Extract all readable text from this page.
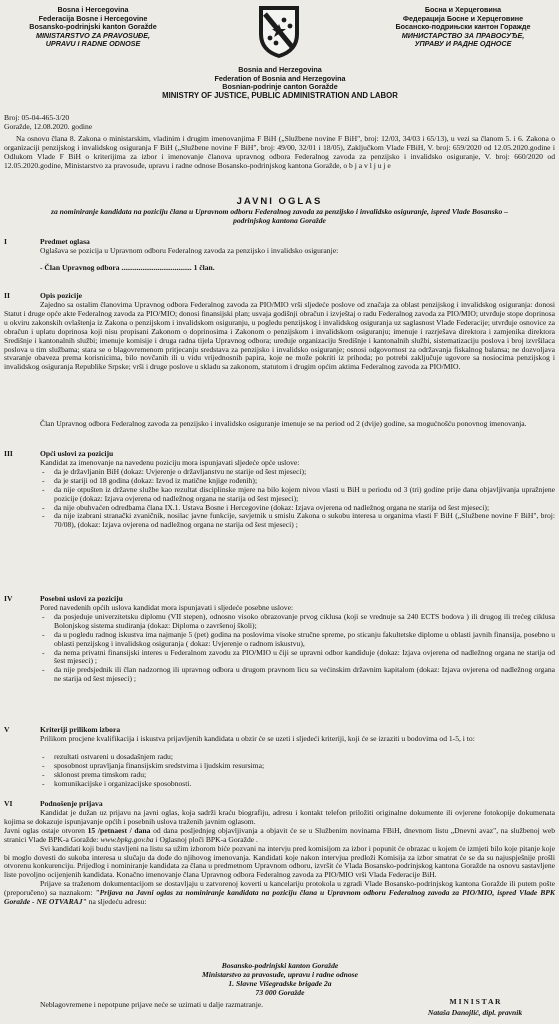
Bosna i Hercegovina
Federacija Bosne i Hercegovine
Bosansko-podrinjski kanton Goražde
MINISTARSTVO ZA PRAVOSUĐE,
UPRAVU I RADNE ODNOSE
Босна и Херцеговина
Федерација Босне и Херцеговине
Босанско-подрињски кантон Горажде
МИНИСТАРСТВО ЗА ПРАВОСУЂЕ,
УПРАВУ И РАДНЕ ОДНОСЕ
Bosnia and Herzegovina
Federation of Bosnia and Herzegovina
Bosnian-podrinje canton Goražde
MINISTRY OF JUSTICE, PUBLIC ADMINISTRATION AND LABOR
Broj: 05-04-465-3/20
Goražde, 12.08.2020. godine
Na osnovu člana 8. Zakona o ministarskim, vladinim i drugim imenovanjima F BiH („Službene novine F BiH", broj: 12/03, 34/03 i 65/13), u vezi sa članom 5. i 6. Zakona o organizaciji penzijskog i invalidskog osiguranja F BiH („Službene novine F BiH", broj: 49/00, 32/01 i 18/05), Zaključkom Vlade FBiH, V. broj: 659/2020 od 12.05.2020.godine i Odlukom Vlade F BiH o kriterijima za izbor i imenovanje članova upravnog odbora Federalnog zavoda za penzijsko i invalidsko osiguranje, V. broj: 660/2020 od 12.05.2020.godine, Ministarstvo za pravosuđe, upravu i radne odnose Bosansko-podrinjskog kantona Goražde, o b j a v l j u j e
JAVNI OGLAS
za nominiranje kandidata na poziciju člana u Upravnom odboru Federalnog zavoda za penzijsko i invalidsko osiguranje, ispred Vlade Bosansko – podrinjskog kantona Goražde
I	Predmet oglasa
Oglašava se pozicija u Upravnom odboru Federalnog zavoda za penzijsko i invalidsko osiguranje:
- Član Upravnog odbora ..................................... 1 član.
II	Opis pozicije
Zajedno sa ostalim članovima Upravnog odbora Federalnog zavoda za PIO/MIO vrši sljedeće poslove od značaja za oblast penzijskog i invalidskog osiguranja: donosi Statut i druge opće akte Federalnog zavoda za PIO/MIO; donosi finansijski plan; usvaja godišnji obračun i izvještaj o radu Federalnog zavoda za PIO/MIO; utvrđuje stope doprinosa u okviru zakonskih ovlaštenja iz Zakona o penzijskom i invalidskom osiguranju, u pogledu penzijskog i invalidskog osiguranja uz saglasnost Vlade Federacije; utvrđuje osnovice za obračun i uplatu doprinosa koji nisu propisani Zakonom o doprinosima i Zakonom o penzijskom i invalidskom osiguranju; imenuje i razrješava direktora i zamjenika direktora Središnje i kantonalnih službi; imenuje komisije i druga radna tijela Upravnog odbora; uređuje organizaciju Središnje i kantonalnih službi, sistematizaciju poslova i broj izvršilaca poslova u tim službama; stara se o blagovremenom pritjecanju sredstava za penzijsko i invalidsko osiguranje; osnosi odgovornost za održavanja fiskalnog balansa; ne dozvoljava stvaranje obaveza prema korisnicima, bilo novčanih ili u vidu vrijednosnih papira, koje ne može pokriti iz prihoda; po potrebi zaključuje ugovore sa nosiocima penzijskog i invalidskog osiguranja Republike Srpske; vrši i druge poslove u skladu sa zakonom, statutom i drugim općim aktima Federalnog zavoda za PIO/MIO.
Član Upravnog odbora Federalnog zavoda za penzijsko i invalidsko osiguranje imenuje se na period od 2 (dvije) godine, sa mogućnošću ponovnog imenovanja.
III	Opći uslovi za poziciju
Kandidat za imenovanje na navedenu poziciju mora ispunjavati sljedeće opće uslove:
- da je državljanin BiH (dokaz: Uvjerenje o državljanstvu ne starije od šest mjeseci);
- da je stariji od 18 godina (dokaz: Izvod iz matične knjige rođenih);
- da nije otpušten iz državne službe kao rezultat disciplinske mjere na bilo kojem nivou vlasti u BiH u periodu od 3 (tri) godine prije dana objavljivanja upražnjene pozicije (dokaz: Izjava ovjerena od nadležnog organa ne starija od šest mjeseci);
- da nije obuhvaćen odredbama člana IX.1. Ustava Bosne i Hercegovine (dokaz: Izjava ovjerena od nadležnog organa ne starija od šest mjeseci);
- da nije izabrani stranački zvaničnik, nosilac javne funkcije, savjetnik u smislu Zakona o sukobu interesa u organima vlasti F BiH („Službene novine F BiH", broj: 70/08), (dokaz: Izjava ovjerena od nadležnog organa ne starija od šest mjeseci) ;
IV	Posebni uslovi za poziciju
Pored navedenih općih uslova kandidat mora ispunjavati i sljedeće posebne uslove:
- da posjeduje univerzitetsku diplomu (VII stepen), odnosno visoko obrazovanje prvog ciklusa (koji se vrednuje sa 240 ECTS bodova ) ili drugog ili trećeg ciklusa Bolonjskog sistema studiranja (dokaz: Diploma o završenoj školi);
- da u pogledu radnog iskustva ima najmanje 5 (pet) godina na poslovima visoke stručne spreme, po sticanju fakultetske diplome u oblasti javnih finansija, posebno u oblasti penzijskog i invalidskog osiguranja ( dokaz: Uvjerenje o radnom iskustvu),
- da nema privatni finansijski interes u Federalnom zavodu za PIO/MIO u čiji se upravni odbor kandiduje (dokaz: Izjava ovjerena od nadležnog organa ne starija od šest mjeseci) ;
- da nije predsjednik ili član nadzornog ili upravnog odbora u drugom pravnom licu sa većinskim državnim kapitalom (dokaz: Izjava ovjerena od nadležnog organa ne starija od šest mjeseci) ;
V	Kriteriji prilikom izbora
Prilikom procjene kvalifikacija i iskustva prijavljenih kandidata u obzir će se uzeti i sljedeći kriteriji, koji će se izraziti u bodovima od 1-5, i to:
- rezultati ostvareni u dosadašnjem radu;
- sposobnost upravljanja finansijskim sredstvima i ljudskim resursima;
- sklonost prema timskom radu;
- komunikacijske i organizacijske sposobnosti.
VI	Podnošenje prijava

Kandidat je dužan uz prijavu na javni oglas, koja sadrži kraću biografiju, adresu i kontakt telefon priložiti originalne dokumente ili ovjerene fotokopije dokumenata kojima se dokazuje ispunjavanje općih i posebnih uslova traženih javnim oglasom.

Javni oglas ostaje otvoren 15 /petnaest / dana od dana posljednjeg objavljivanja a objavit će se u Službenim novinama FBiH, dnevnom listu „Dnevni avaz", na službenoj web stranici Vlade BPK-a Goražde: www.bpkg.gov.ba i Oglasnoj ploči BPK-a Goražde .

Svi kandidati koji budu stavljeni na listu sa užim izborom biće pozvani na intervju pred komisijom za izbor i popunit će obrazac u kojem će izmjeti bilo koje pitanje koje bi moglo dovesti do sukoba interesa u slučaju da dođe do njihovog imenovanja. Kandidati koje nakon intervjua predloži Komisija za izbor smatrat će se da su najuspješnije prošli otvorenu konkurenciju. Prijedlog i nominiranje kandidata za člana u predmetnom Upravnom odboru, izvršit će Vlada Bosansko-podrinjskog kantona Goražde na osnovu sastavljene liste povoljno ocijenjenih kandidata. Konačno imenovanje člana Upravnog odbora Federalnog zavoda za PIO/MIO vrši Vlada Federacije BiH.

Prijave sa traženom dokumentacijom se dostavljaju u zatvorenoj koverti u kancelariju protokola u zgradi Vlade Bosansko-podrinjskog kantona Goražde ili putem pošte (preporučeno) sa naznakom: "Prijava na Javni oglas za nominiranje kandidata na poziciju člana u Upravnom odboru Federalnog zavoda za PIO/MIO, ispred Vlade BPK Goražde - NE OTVARAJ" na sljedeću adresu:

Bosansko-podrinjski kanton Goražde
Ministarstvo za pravosuđe, upravu i radne odnose
1. Slavne Višegradske brigade 2a
73 000 Goražde
Neblagovremene i nepotpune prijave neće se uzimati u dalje razmatranje.	M I N I S T A R
Nataša Danojlić, dipl. pravnik
